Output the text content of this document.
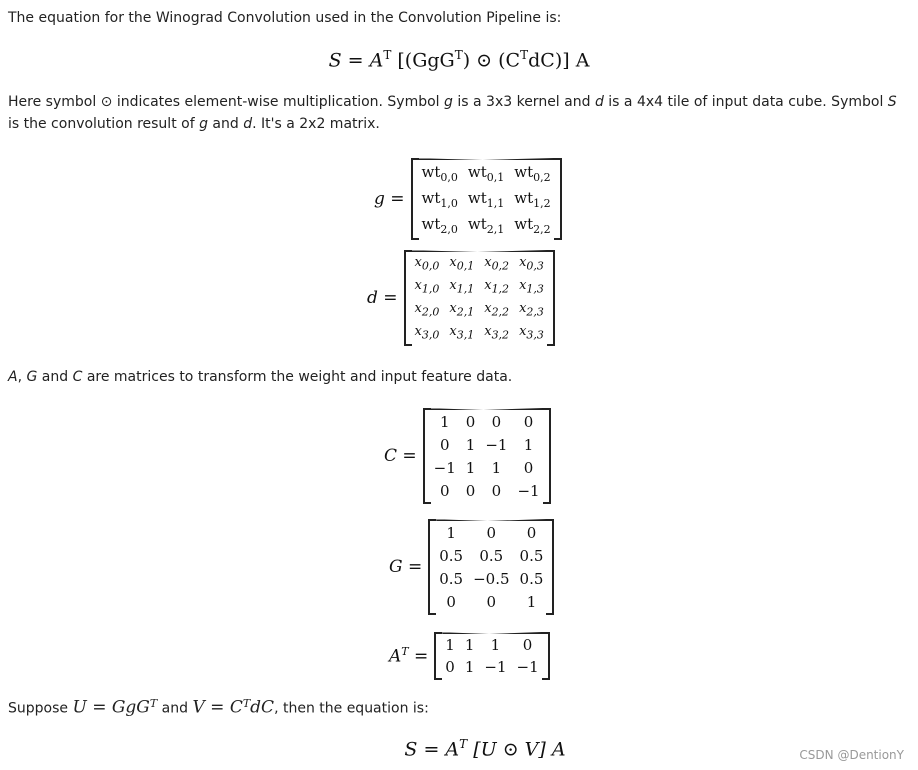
The equation for the Winograd Convolution used in the Convolution Pipeline is:
$S = A^T$ [(GgG$^T$) ⊙ $(C^TdC)$] A
Here symbol ⊙ indicates element-wise multiplication. Symbol g is a 3x3 kernel and d is a 4x4 tile of input data cube. Symbol S is the convolution result of g and d. It's a 2x2 matrix.
g =
$wt_{0,0}$	$wt_{0,1}$	$wt_{0,2}$
$wt_{1,0}$	$wt_{1,1}$	$wt_{1,2}$
$wt_{2,0}$	$wt_{2,1}$	$wt_{2,2}$
d =
$x_{0,0}$	$x_{0,1}$	$x_{0,2}$	$x_{0,3}$
$x_{1,0}$	$x_{1,1}$	$x_{1,2}$	$x_{1,3}$
$x_{2,0}$	$x_{2,1}$	$x_{2,2}$	$x_{2,3}$
$x_{3,0}$	$x_{3,1}$	$x_{3,2}$	$x_{3,3}$
A, G and C are matrices to transform the weight and input feature data.
C =
1	0	0	0
0	1	−1	1
−1	1	1	0
0	0	0	−1
G =
1	0	0
0.5	0.5	0.5
0.5	−0.5	0.5
0	0	1
$A^T$ =
1	1	1	0
0	1	−1	−1
Suppose U = GgG$^T$ and $V = C^TdC$, then the equation is:
$S = A^T$ [U ⊙ V] A	CSDN @DentionY
